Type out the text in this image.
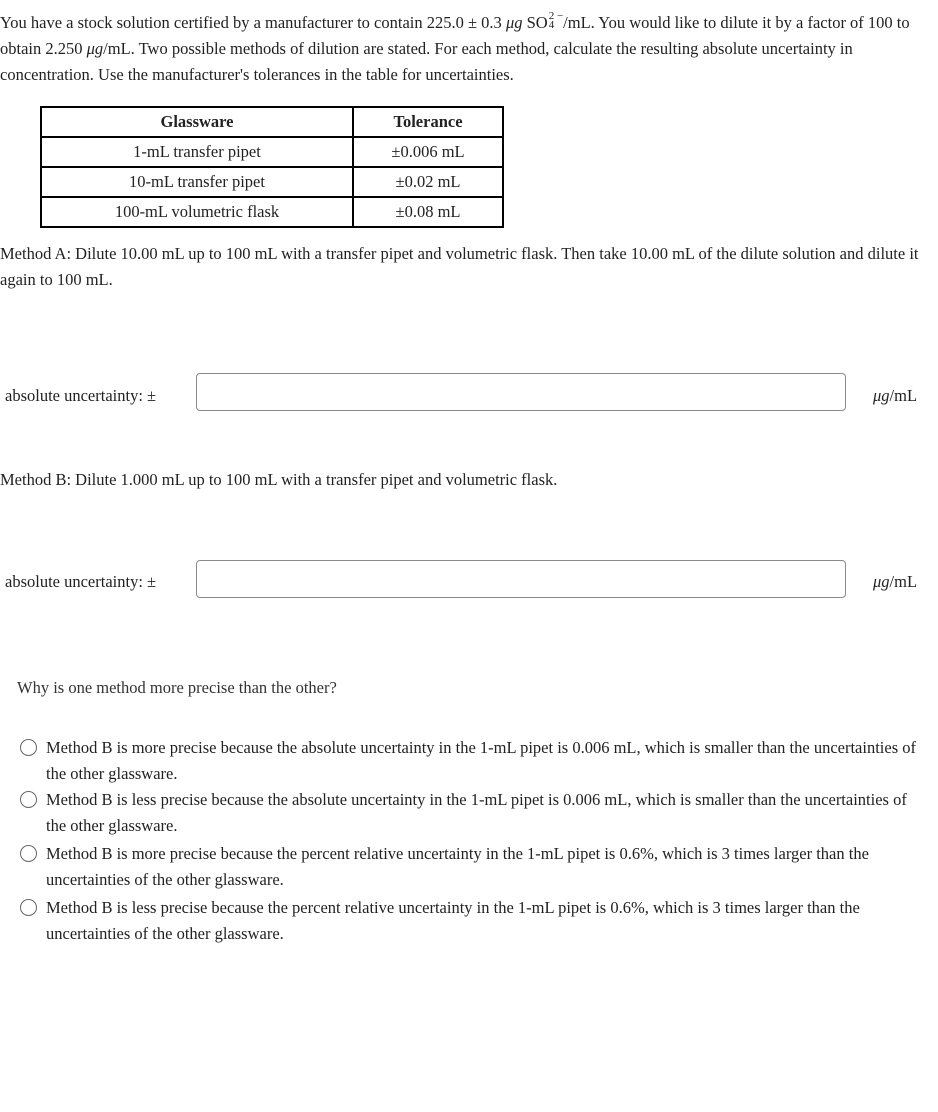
You have a stock solution certified by a manufacturer to contain 225.0 ± 0.3 μg SO 2 −
4 /mL. You would like to dilute it by a factor of 100 to obtain 2.250 μg/mL. Two possible methods of dilution are stated. For each method, calculate the resulting absolute uncertainty in concentration. Use the manufacturer's tolerances in the table for uncertainties.

Glassware	Tolerance
1-mL transfer pipet	±0.006 mL
10-mL transfer pipet	±0.02 mL
100-mL volumetric flask	±0.08 mL

Method A: Dilute 10.00 mL up to 100 mL with a transfer pipet and volumetric flask. Then take 10.00 mL of the dilute solution and dilute it again to 100 mL.

absolute uncertainty: ±	μg/mL

Method B: Dilute 1.000 mL up to 100 mL with a transfer pipet and volumetric flask.

absolute uncertainty: ±	μg/mL
Why is one method more precise than the other?
Method B is more precise because the absolute uncertainty in the 1-mL pipet is 0.006 mL, which is smaller than the uncertainties of the other glassware.
Method B is less precise because the absolute uncertainty in the 1-mL pipet is 0.006 mL, which is smaller than the uncertainties of the other glassware.
Method B is more precise because the percent relative uncertainty in the 1-mL pipet is 0.6%, which is 3 times larger than the uncertainties of the other glassware.
Method B is less precise because the percent relative uncertainty in the 1-mL pipet is 0.6%, which is 3 times larger than the uncertainties of the other glassware.
